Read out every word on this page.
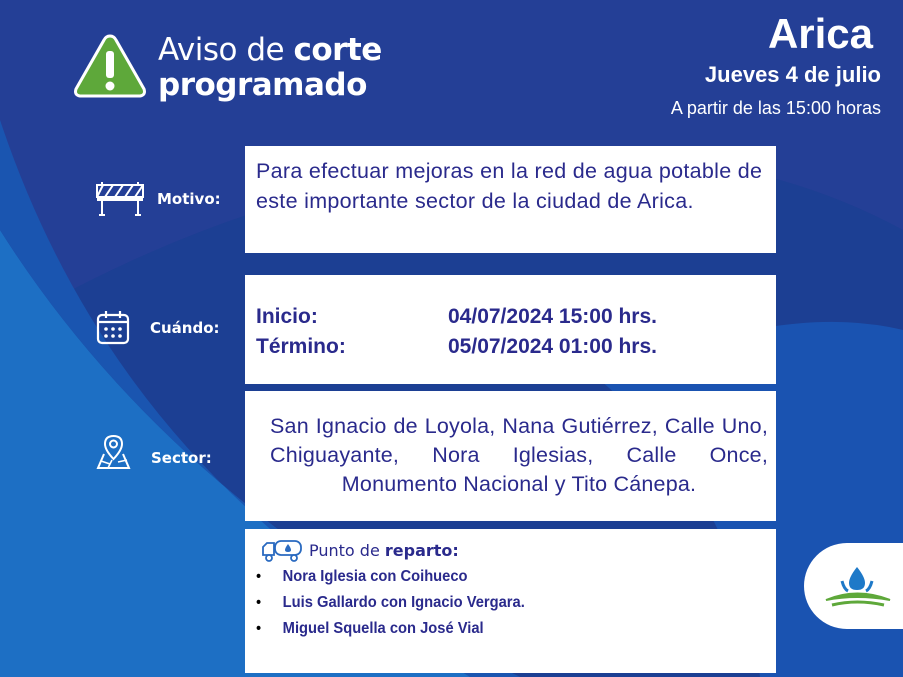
Aviso de corte
programado
Arica
Jueves 4 de julio
A partir de las 15:00 horas
Motivo:

Para efectuar mejoras en la red de agua potable de este importante sector de la ciudad de Arica.

Cuándo: Inicio:	04/07/2024 15:00 hrs.
Término:	05/07/2024 01:00 hrs.
Sector:

San Ignacio de Loyola, Nana Gutiérrez, Calle Uno, Chiguayante, Nora Iglesias, Calle Once, Monumento Nacional y Tito Cánepa.

Punto de reparto:
• Nora Iglesia con Coihueco
• Luis Gallardo con Ignacio Vergara.
• Miguel Squella con José Vial
